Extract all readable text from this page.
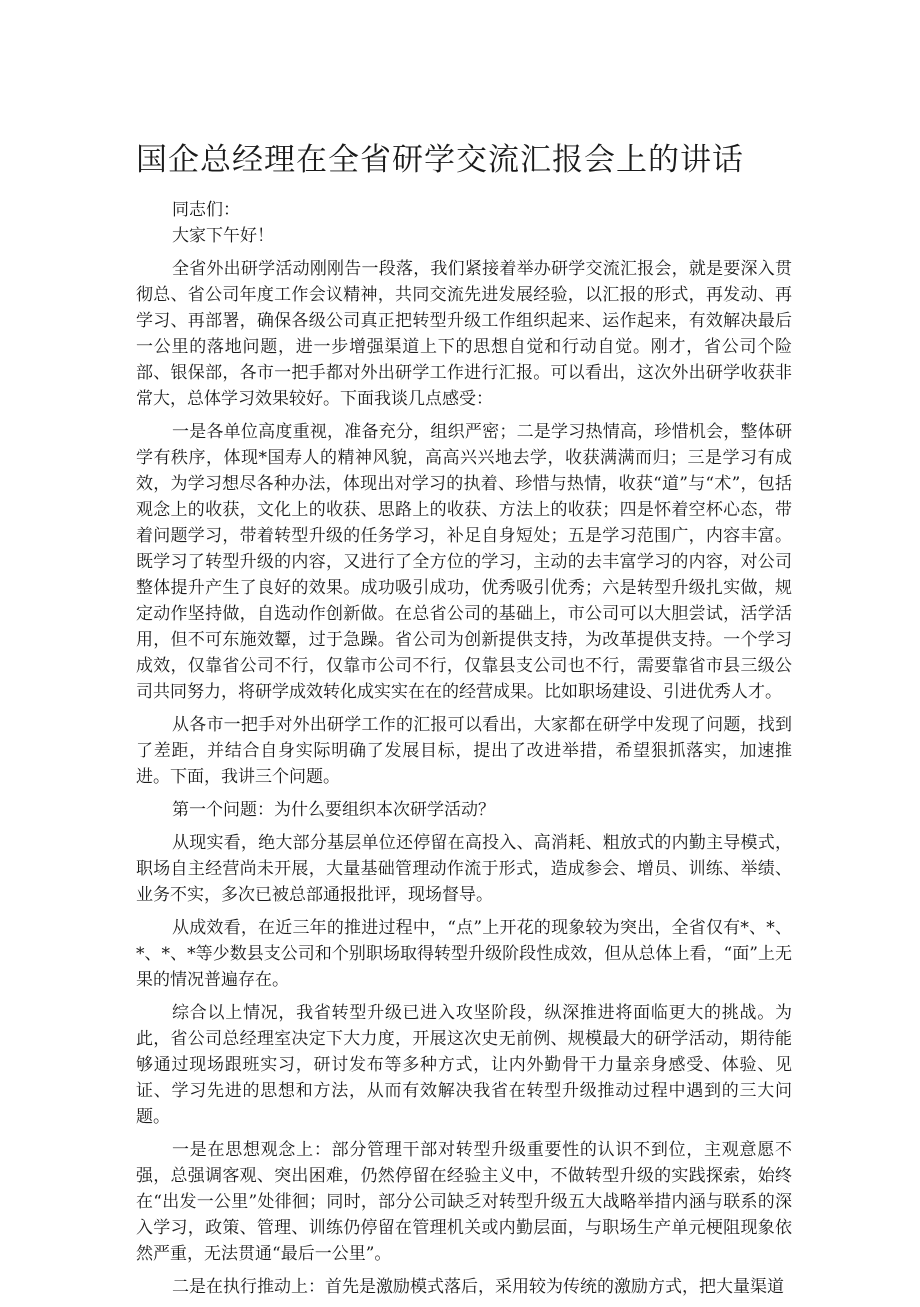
国企总经理在全省研学交流汇报会上的讲话

同志们：

大家下午好！

全省外出研学活动刚刚告一段落，我们紧接着举办研学交流汇报会，就是要深入贯彻总、省公司年度工作会议精神，共同交流先进发展经验，以汇报的形式，再发动、再学习、再部署，确保各级公司真正把转型升级工作组织起来、运作起来，有效解决最后一公里的落地问题，进一步增强渠道上下的思想自觉和行动自觉。刚才，省公司个险部、银保部，各市一把手都对外出研学工作进行汇报。可以看出，这次外出研学收获非常大，总体学习效果较好。下面我谈几点感受：

一是各单位高度重视，准备充分，组织严密；二是学习热情高，珍惜机会，整体研学有秩序，体现*国寿人的精神风貌，高高兴兴地去学，收获满满而归；三是学习有成效，为学习想尽各种办法，体现出对学习的执着、珍惜与热情，收获“道”与“术”，包括观念上的收获，文化上的收获、思路上的收获、方法上的收获；四是怀着空杯心态，带着问题学习，带着转型升级的任务学习，补足自身短处；五是学习范围广，内容丰富。既学习了转型升级的内容，又进行了全方位的学习，主动的去丰富学习的内容，对公司整体提升产生了良好的效果。成功吸引成功，优秀吸引优秀；六是转型升级扎实做，规定动作坚持做，自选动作创新做。在总省公司的基础上，市公司可以大胆尝试，活学活用，但不可东施效颦，过于急躁。省公司为创新提供支持，为改革提供支持。一个学习成效，仅靠省公司不行，仅靠市公司不行，仅靠县支公司也不行，需要靠省市县三级公司共同努力，将研学成效转化成实实在在的经营成果。比如职场建设、引进优秀人才。

从各市一把手对外出研学工作的汇报可以看出，大家都在研学中发现了问题，找到了差距，并结合自身实际明确了发展目标，提出了改进举措，希望狠抓落实，加速推进。下面，我讲三个问题。

第一个问题：为什么要组织本次研学活动？

从现实看，绝大部分基层单位还停留在高投入、高消耗、粗放式的内勤主导模式，职场自主经营尚未开展，大量基础管理动作流于形式，造成参会、增员、训练、举绩、业务不实，多次已被总部通报批评，现场督导。

从成效看，在近三年的推进过程中，“点”上开花的现象较为突出，全省仅有*、*、*、*、*等少数县支公司和个别职场取得转型升级阶段性成效，但从总体上看，“面”上无果的情况普遍存在。

综合以上情况，我省转型升级已进入攻坚阶段，纵深推进将面临更大的挑战。为此，省公司总经理室决定下大力度，开展这次史无前例、规模最大的研学活动，期待能够通过现场跟班实习，研讨发布等多种方式，让内外勤骨干力量亲身感受、体验、见证、学习先进的思想和方法，从而有效解决我省在转型升级推动过程中遇到的三大问题。

一是在思想观念上：部分管理干部对转型升级重要性的认识不到位，主观意愿不强，总强调客观、突出困难，仍然停留在经验主义中，不做转型升级的实践探索，始终在“出发一公里”处徘徊；同时，部分公司缺乏对转型升级五大战略举措内涵与联系的深入学习，政策、管理、训练仍停留在管理机关或内勤层面，与职场生产单元梗阻现象依然严重，无法贯通“最后一公里”。

二是在执行推动上：首先是激励模式落后，采用较为传统的激励方式，把大量渠道
